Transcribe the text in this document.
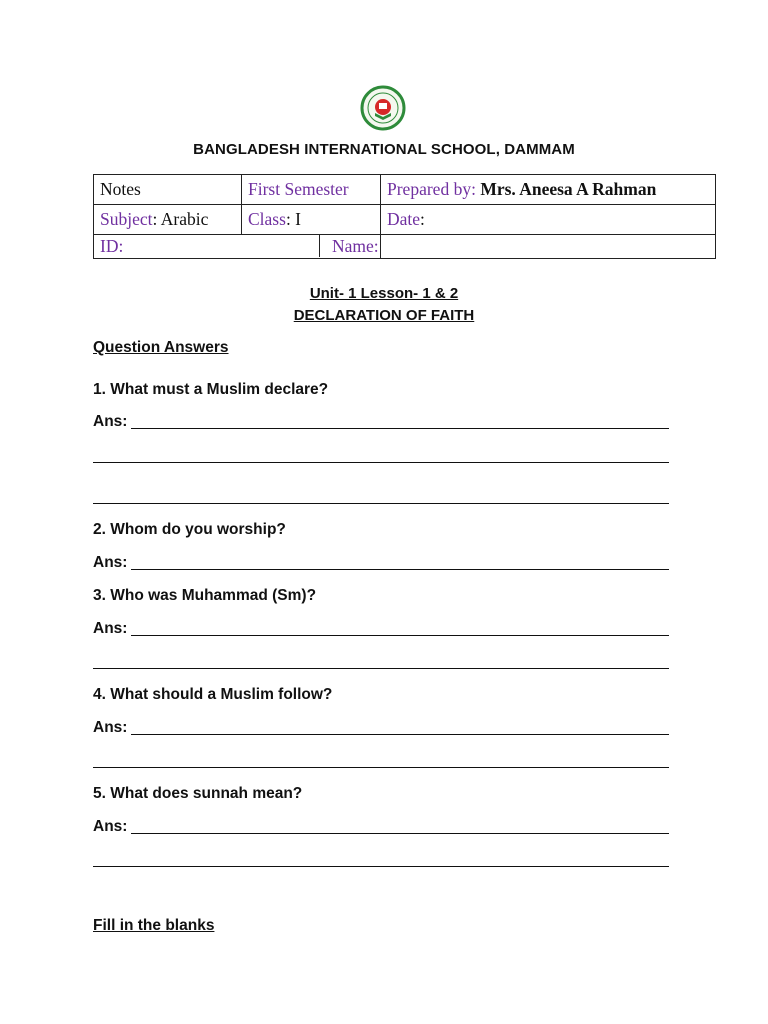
BANGLADESH INTERNATIONAL SCHOOL, DAMMAM
Notes	First Semester	Prepared by: Mrs. Aneesa A Rahman
Subject: Arabic	Class: I	Date:
ID:		Name:
Unit- 1 Lesson- 1 & 2
DECLARATION OF FAITH
Question Answers
1. What must a Muslim declare?
Ans:
2. Whom do you worship?
Ans:
3. Who was Muhammad (Sm)?
Ans:
4. What should a Muslim follow?
Ans:
5. What does sunnah mean?
Ans:
Fill in the blanks
